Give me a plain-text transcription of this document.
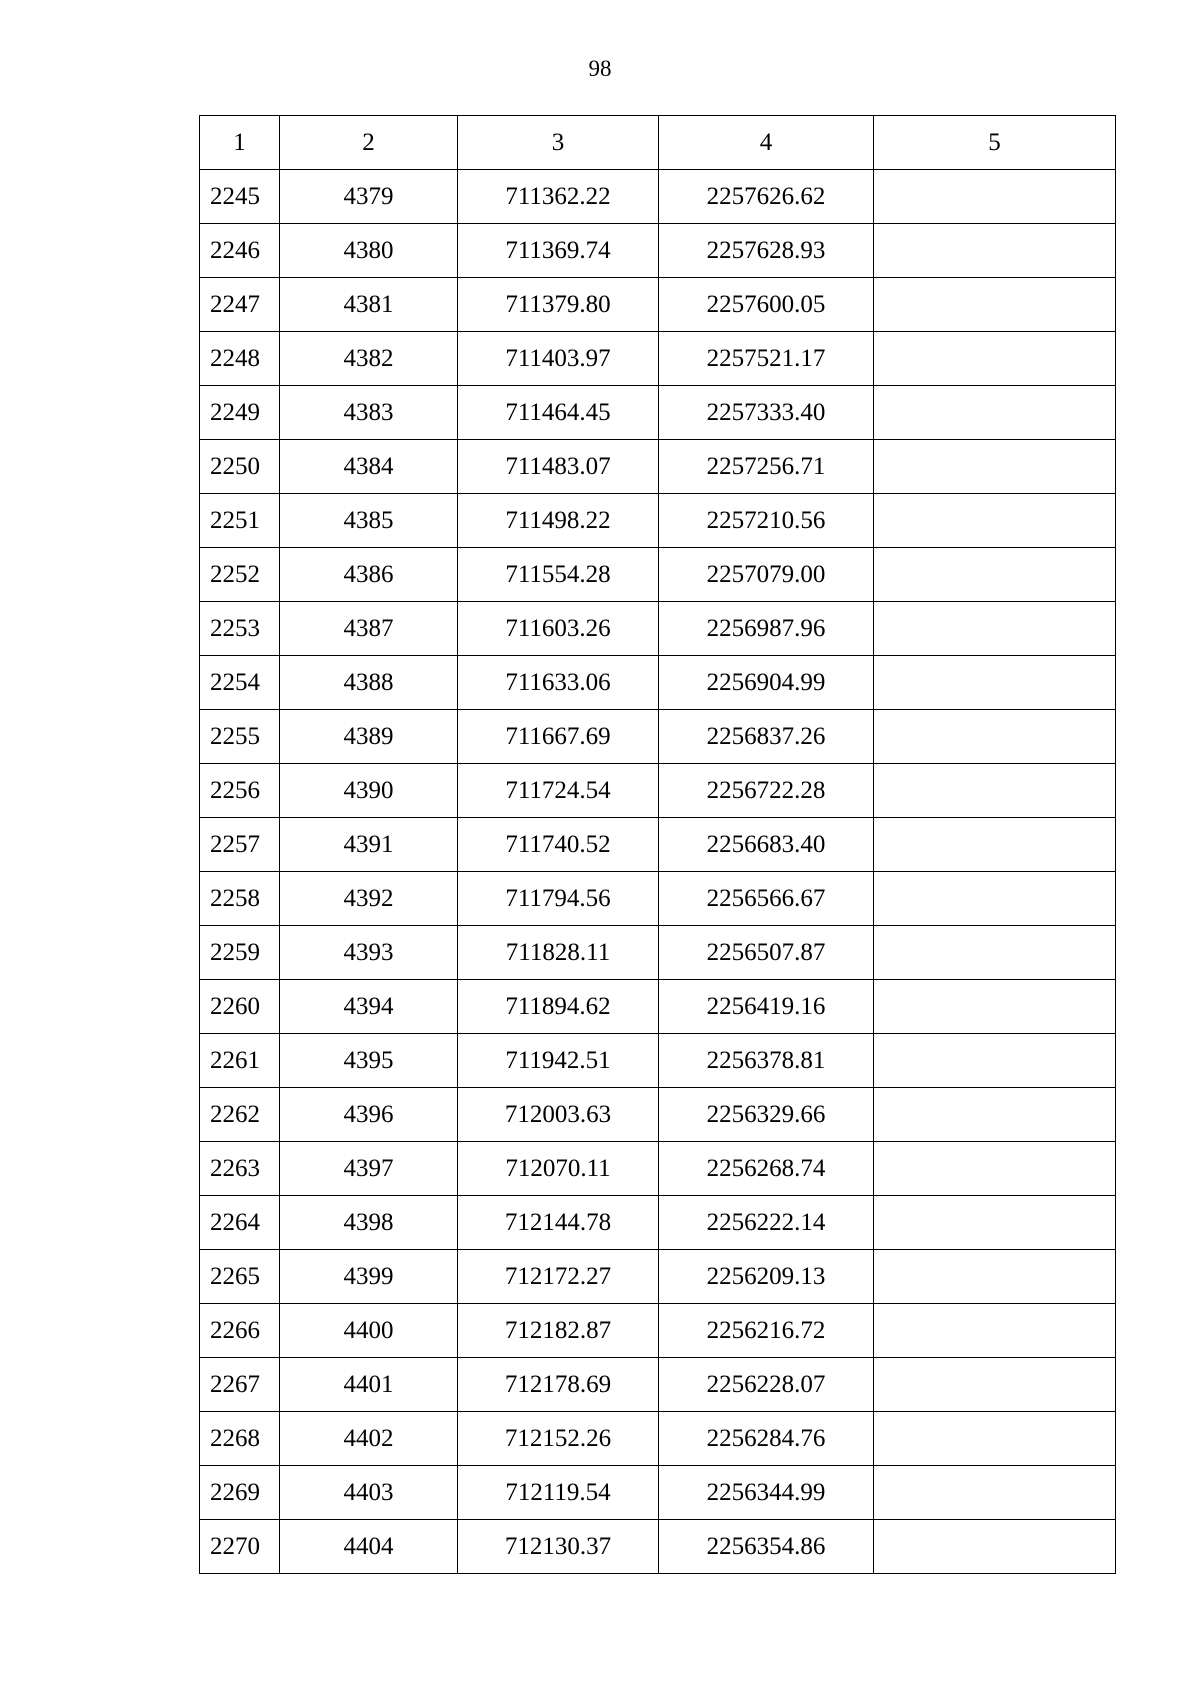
98
1	2	3	4	5
2245	4379	711362.22	2257626.62	
2246	4380	711369.74	2257628.93	
2247	4381	711379.80	2257600.05	
2248	4382	711403.97	2257521.17	
2249	4383	711464.45	2257333.40	
2250	4384	711483.07	2257256.71	
2251	4385	711498.22	2257210.56	
2252	4386	711554.28	2257079.00	
2253	4387	711603.26	2256987.96	
2254	4388	711633.06	2256904.99	
2255	4389	711667.69	2256837.26	
2256	4390	711724.54	2256722.28	
2257	4391	711740.52	2256683.40	
2258	4392	711794.56	2256566.67	
2259	4393	711828.11	2256507.87	
2260	4394	711894.62	2256419.16	
2261	4395	711942.51	2256378.81	
2262	4396	712003.63	2256329.66	
2263	4397	712070.11	2256268.74	
2264	4398	712144.78	2256222.14	
2265	4399	712172.27	2256209.13	
2266	4400	712182.87	2256216.72	
2267	4401	712178.69	2256228.07	
2268	4402	712152.26	2256284.76	
2269	4403	712119.54	2256344.99	
2270	4404	712130.37	2256354.86	
